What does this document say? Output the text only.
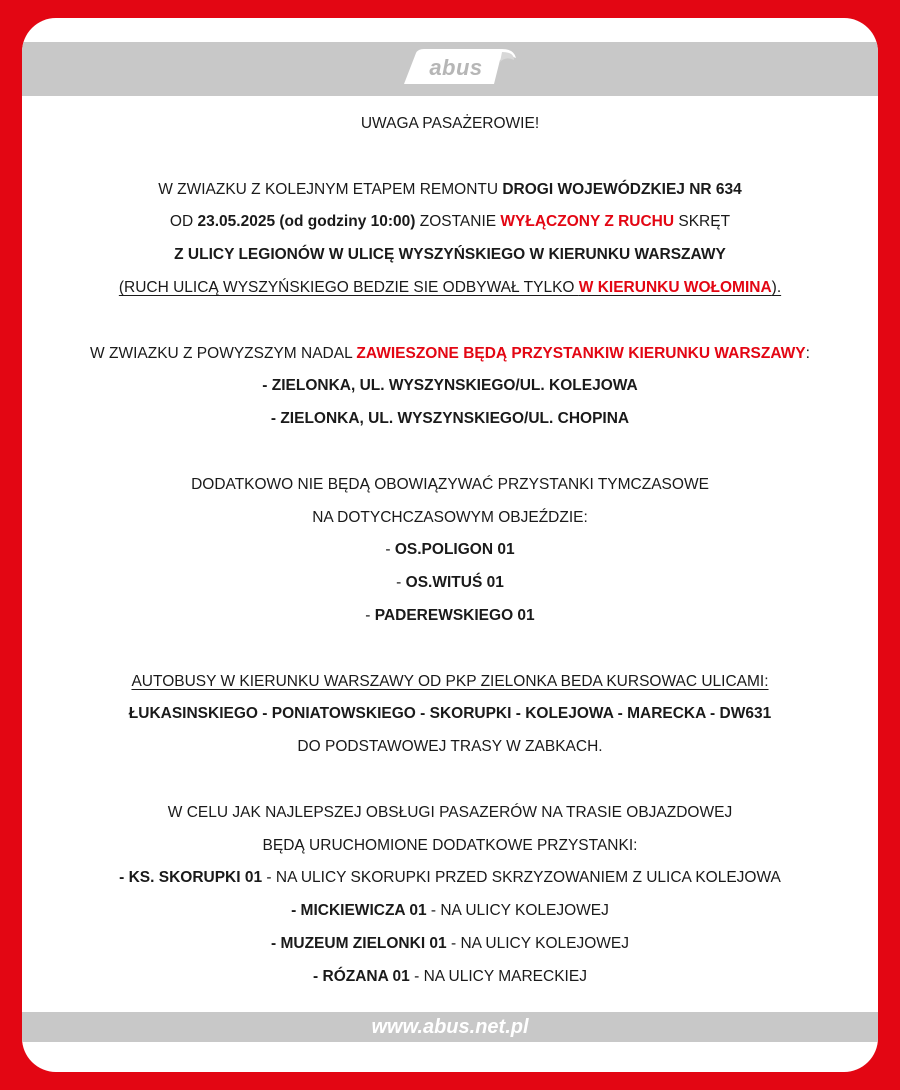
abus
UWAGA PASAŻEROWIE!
W ZWIAZKU Z KOLEJNYM ETAPEM REMONTU DROGI WOJEWÓDZKIEJ NR 634
OD 23.05.2025 (od godziny 10:00) ZOSTANIE WYŁĄCZONY Z RUCHU SKRĘT
Z ULICY LEGIONÓW W ULICĘ WYSZYŃSKIEGO W KIERUNKU WARSZAWY
(RUCH ULICĄ WYSZYŃSKIEGO BEDZIE SIE ODBYWAŁ TYLKO W KIERUNKU WOŁOMINA).
W ZWIAZKU Z POWYZSZYM NADAL ZAWIESZONE BĘDĄ PRZYSTANKIW KIERUNKU WARSZAWY:
- ZIELONKA, UL. WYSZYNSKIEGO/UL. KOLEJOWA
- ZIELONKA, UL. WYSZYNSKIEGO/UL. CHOPINA
DODATKOWO NIE BĘDĄ OBOWIĄZYWAĆ PRZYSTANKI TYMCZASOWE
NA DOTYCHCZASOWYM OBJEŹDZIE:
- OS.POLIGON 01
- OS.WITUŚ 01
- PADEREWSKIEGO 01
AUTOBUSY W KIERUNKU WARSZAWY OD PKP ZIELONKA BEDA KURSOWAC ULICAMI:
ŁUKASINSKIEGO - PONIATOWSKIEGO - SKORUPKI - KOLEJOWA - MARECKA - DW631
DO PODSTAWOWEJ TRASY W ZABKACH.
W CELU JAK NAJLEPSZEJ OBSŁUGI PASAZERÓW NA TRASIE OBJAZDOWEJ
BĘDĄ URUCHOMIONE DODATKOWE PRZYSTANKI:
- KS. SKORUPKI 01 - NA ULICY SKORUPKI PRZED SKRZYZOWANIEM Z ULICA KOLEJOWA
- MICKIEWICZA 01 - NA ULICY KOLEJOWEJ
- MUZEUM ZIELONKI 01 - NA ULICY KOLEJOWEJ
- RÓZANA 01 - NA ULICY MARECKIEJ
www.abus.net.pl
